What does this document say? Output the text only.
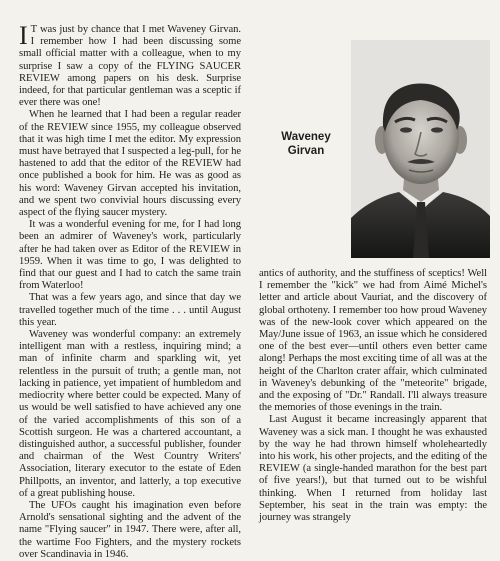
I T was just by chance that I met Waveney Girvan. I remember how I had been discussing some small official matter with a colleague, when to my surprise I saw a copy of the FLYING SAUCER REVIEW among papers on his desk. Surprise indeed, for that particular gentleman was a sceptic if ever there was one!

When he learned that I had been a regular reader of the REVIEW since 1955, my colleague observed that it was high time I met the editor. My expression must have betrayed that I suspected a leg-pull, for he hastened to add that the editor of the REVIEW had once published a book for him. He was as good as his word: Waveney Girvan accepted his invitation, and we spent two convivial hours discussing every aspect of the flying saucer mystery.

It was a wonderful evening for me, for I had long been an admirer of Waveney's work, particularly after he had taken over as Editor of the REVIEW in 1959. When it was time to go, I was delighted to find that our guest and I had to catch the same train from Waterloo!

That was a few years ago, and since that day we travelled together much of the time . . . until August this year.

Waveney was wonderful company: an extremely intelligent man with a restless, inquiring mind; a man of infinite charm and sparkling wit, yet relentless in the pursuit of truth; a gentle man, not lacking in patience, yet impatient of humbledom and mediocrity where better could be expected. Many of us would be well satisfied to have achieved any one of the varied accomplishments of this son of a Scottish surgeon. He was a chartered accountant, a distinguished author, a successful publisher, founder and chairman of the West Country Writers' Association, literary executor to the estate of Eden Phillpotts, an inventor, and latterly, a top executive of a great publishing house.

The UFOs caught his imagination even before Arnold's sensational sighting and the advent of the name "Flying saucer" in 1947. There were, after all, the wartime Foo Fighters, and the mystery rockets over Scandinavia in 1946.

Waveney
Girvan

antics of authority, and the stuffiness of sceptics! Well I remember the "kick" we had from Aimé Michel's letter and article about Vauriat, and the discovery of global orthoteny. I remember too how proud Waveney was of the new-look cover which appeared on the May/June issue of 1963, an issue which he considered one of the best ever—until others even better came along! Perhaps the most exciting time of all was at the height of the Charlton crater affair, which culminated in Waveney's debunking of the "meteorite" brigade, and the exposing of "Dr." Randall. I'll always treasure the memories of those evenings in the train.

Last August it became increasingly apparent that Waveney was a sick man. I thought he was exhausted by the way he had thrown himself wholeheartedly into his work, his other projects, and the editing of the REVIEW (a single-handed marathon for the best part of five years!), but that turned out to be wishful thinking. When I returned from holiday last September, his seat in the train was empty: the journey was strangely
